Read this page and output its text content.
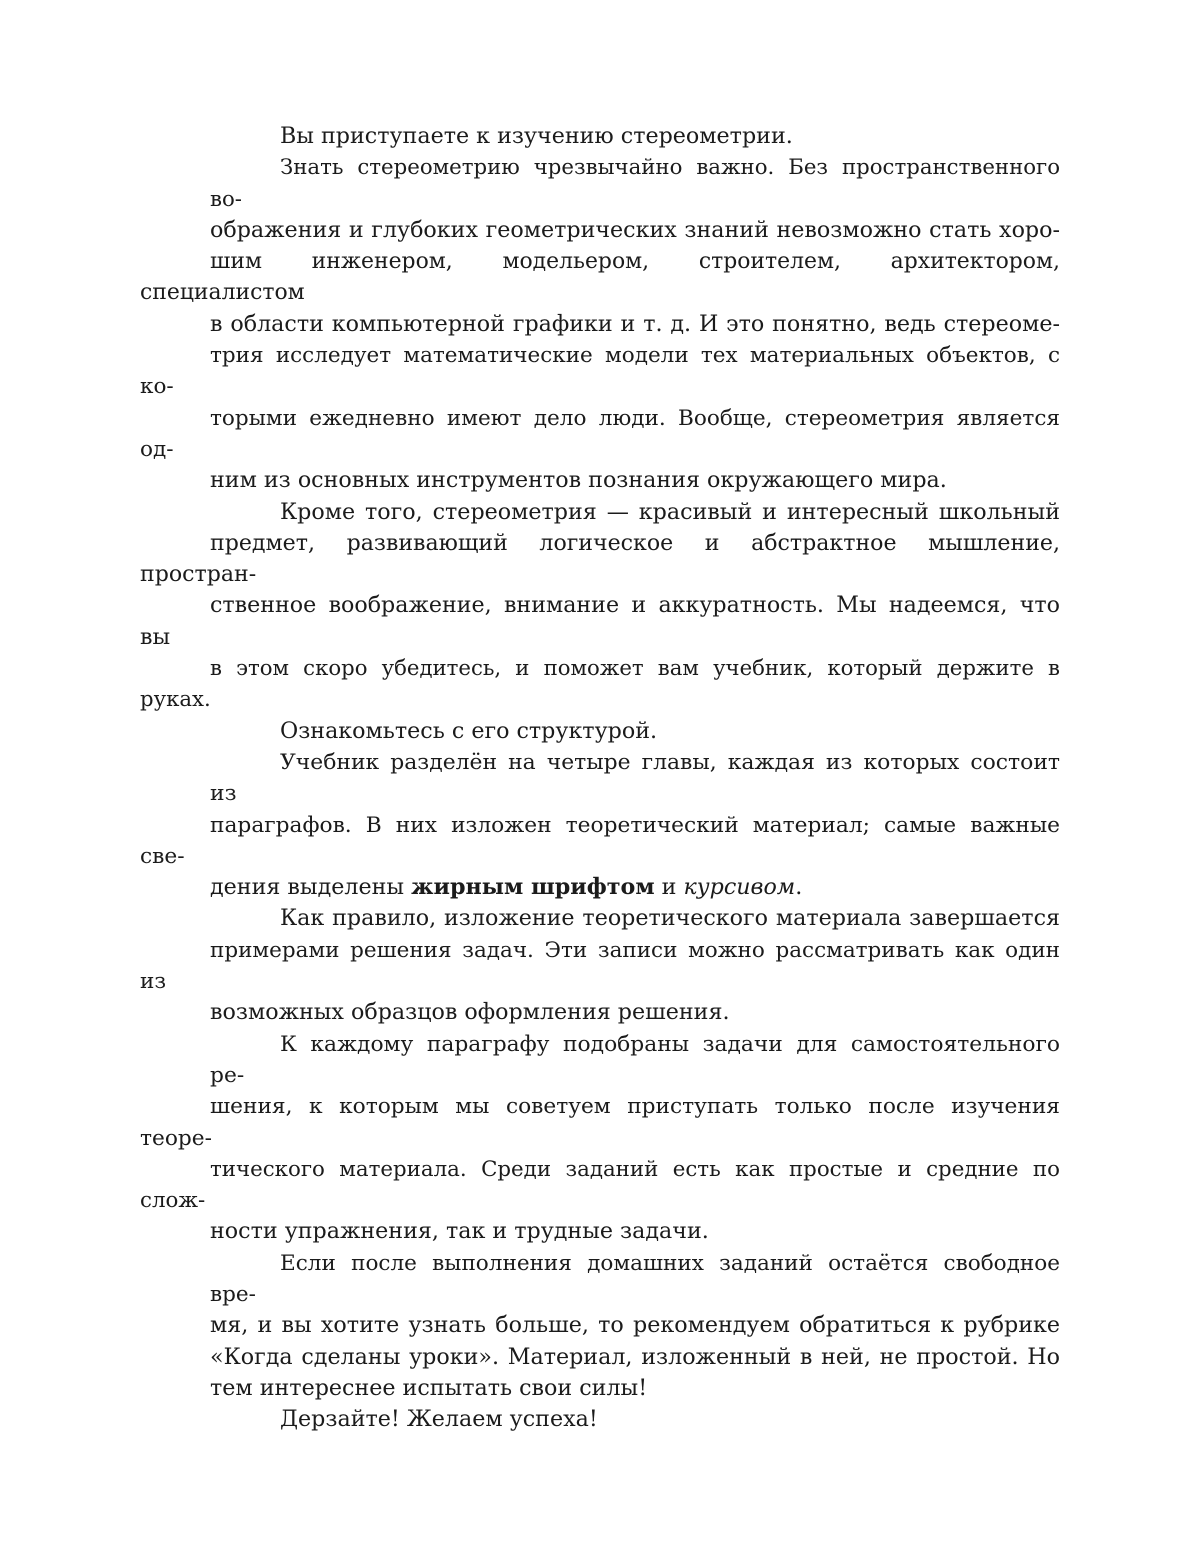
Вы приступаете к изучению стереометрии.
Знать стереометрию чрезвычайно важно. Без пространственного во-
ображения и глубоких геометрических знаний невозможно стать хоро-
шим инженером, модельером, строителем, архитектором, специалистом
в области компьютерной графики и т. д. И это понятно, ведь стереоме-
трия исследует математические модели тех материальных объектов, с ко-
торыми ежедневно имеют дело люди. Вообще, стереометрия является од-
ним из основных инструментов познания окружающего мира.
Кроме того, стереометрия — красивый и интересный школьный
предмет, развивающий логическое и абстрактное мышление, простран-
ственное воображение, внимание и аккуратность. Мы надеемся, что вы
в этом скоро убедитесь, и поможет вам учебник, который держите в руках.
Ознакомьтесь с его структурой.
Учебник разделён на четыре главы, каждая из которых состоит из
параграфов. В них изложен теоретический материал; самые важные све-
дения выделены жирным шрифтом и курсивом.
Как правило, изложение теоретического материала завершается
примерами решения задач. Эти записи можно рассматривать как один из
возможных образцов оформления решения.
К каждому параграфу подобраны задачи для самостоятельного ре-
шения, к которым мы советуем приступать только после изучения теоре-
тического материала. Среди заданий есть как простые и средние по слож-
ности упражнения, так и трудные задачи.
Если после выполнения домашних заданий остаётся свободное вре-
мя, и вы хотите узнать больше, то рекомендуем обратиться к рубрике
«Когда сделаны уроки». Материал, изложенный в ней, не простой. Но
тем интереснее испытать свои силы!
Дерзайте! Желаем успеха!
